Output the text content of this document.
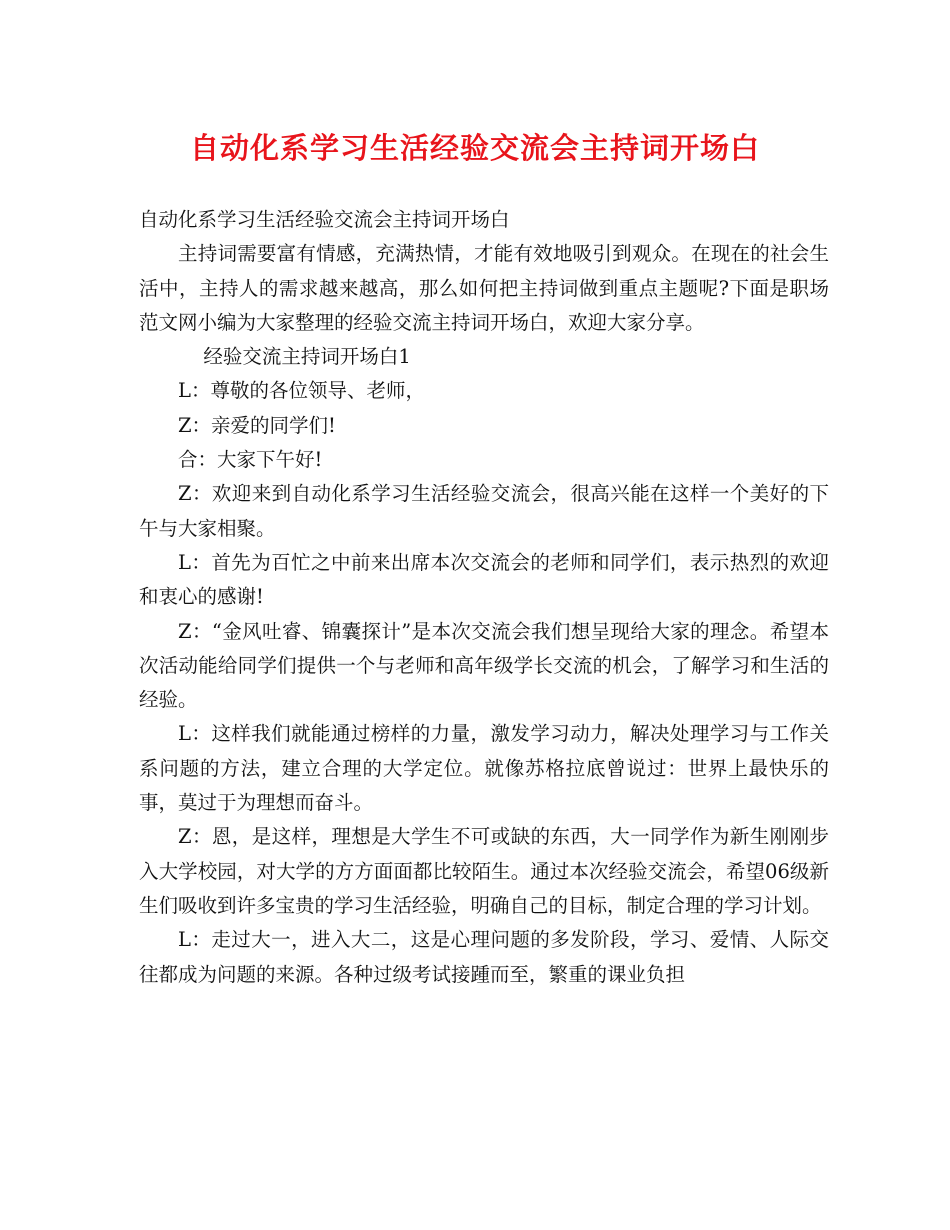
自动化系学习生活经验交流会主持词开场白

自动化系学习生活经验交流会主持词开场白

主持词需要富有情感，充满热情，才能有效地吸引到观众。在现在的社会生活中，主持人的需求越来越高，那么如何把主持词做到重点主题呢?下面是职场范文网小编为大家整理的经验交流主持词开场白，欢迎大家分享。

经验交流主持词开场白1

L：尊敬的各位领导、老师，

Z：亲爱的同学们!

合：大家下午好!

Z：欢迎来到自动化系学习生活经验交流会，很高兴能在这样一个美好的下午与大家相聚。

L：首先为百忙之中前来出席本次交流会的老师和同学们，表示热烈的欢迎和衷心的感谢!

Z：“金风吐睿、锦囊探计”是本次交流会我们想呈现给大家的理念。希望本次活动能给同学们提供一个与老师和高年级学长交流的机会，了解学习和生活的经验。

L：这样我们就能通过榜样的力量，激发学习动力，解决处理学习与工作关系问题的方法，建立合理的大学定位。就像苏格拉底曾说过：世界上最快乐的事，莫过于为理想而奋斗。

Z：恩，是这样，理想是大学生不可或缺的东西，大一同学作为新生刚刚步入大学校园，对大学的方方面面都比较陌生。通过本次经验交流会，希望06级新生们吸收到许多宝贵的学习生活经验，明确自己的目标，制定合理的学习计划。

L：走过大一，进入大二，这是心理问题的多发阶段，学习、爱情、人际交往都成为问题的来源。各种过级考试接踵而至，繁重的课业负担
